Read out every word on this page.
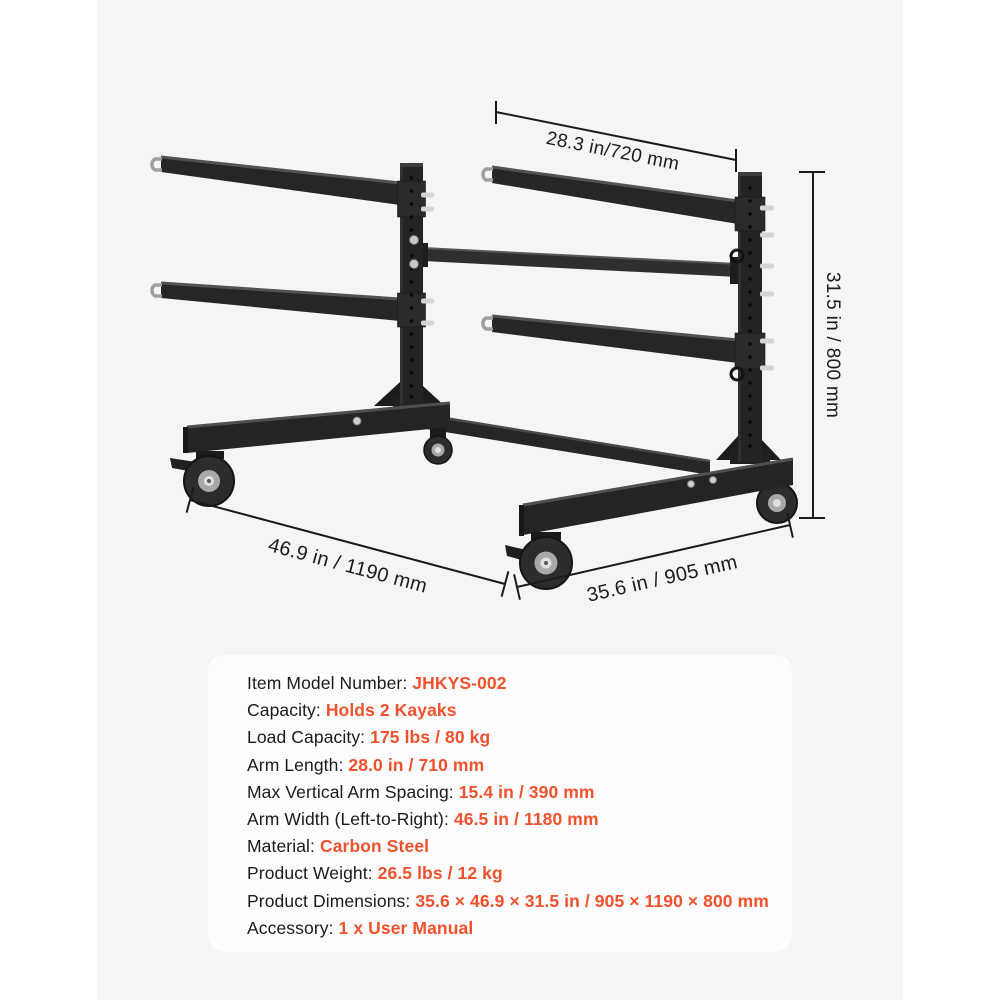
28.3 in/720 mm
31.5 in / 800 mm
46.9 in / 1190 mm	35.6 in / 905 mm
Item Model Number: JHKYS-002
Capacity: Holds 2 Kayaks
Load Capacity: 175 lbs / 80 kg
Arm Length: 28.0 in / 710 mm
Max Vertical Arm Spacing: 15.4 in / 390 mm
Arm Width (Left-to-Right): 46.5 in / 1180 mm
Material: Carbon Steel
Product Weight: 26.5 lbs / 12 kg
Product Dimensions: 35.6 × 46.9 × 31.5 in / 905 × 1190 × 800 mm
Accessory: 1 x User Manual
